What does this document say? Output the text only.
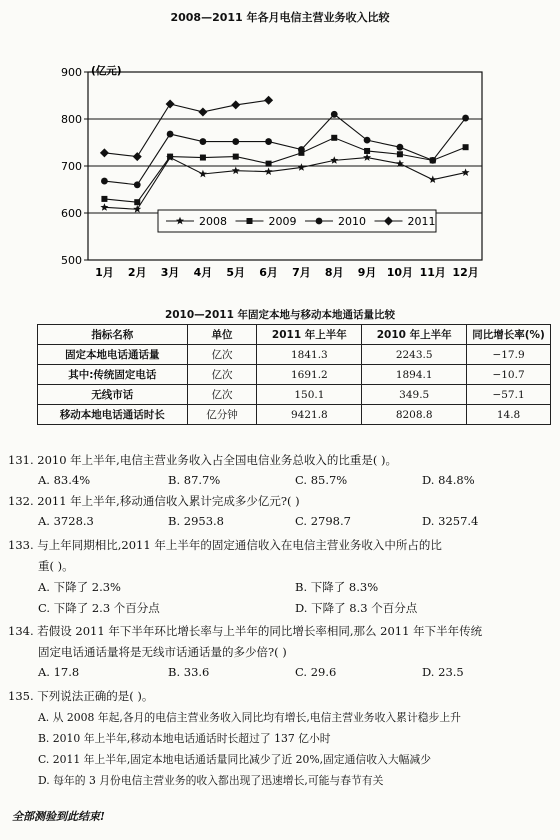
2008—2011 年各月电信主营业务收入比较
500
600
700
800
900 (亿元)
1月 2月 3月 4月 5月 6月 7月 8月 9月 10月 11月 12月
2008	2009	2010	2011
2010—2011 年固定本地与移动本地通话量比较
指标名称	单位	2011 年上半年	2010 年上半年	同比增长率(%)
固定本地电话通话量	亿次	1841.3	2243.5	−17.9
其中:传统固定电话	亿次	1691.2	1894.1	−10.7
无线市话	亿次	150.1	349.5	−57.1
移动本地电话通话时长	亿分钟	9421.8	8208.8	14.8
131. 2010 年上半年,电信主营业务收入占全国电信业务总收入的比重是( )。
A. 83.4%	B. 87.7%	C. 85.7%	D. 84.8%
132. 2011 年上半年,移动通信收入累计完成多少亿元?( )
A. 3728.3	B. 2953.8	C. 2798.7	D. 3257.4
133. 与上年同期相比,2011 年上半年的固定通信收入在电信主营业务收入中所占的比
重( )。
A. 下降了 2.3%	B. 下降了 8.3%
C. 下降了 2.3 个百分点	D. 下降了 8.3 个百分点
134. 若假设 2011 年下半年环比增长率与上半年的同比增长率相同,那么 2011 年下半年传统
固定电话通话量将是无线市话通话量的多少倍?( )
A. 17.8	B. 33.6	C. 29.6	D. 23.5
135. 下列说法正确的是( )。
A. 从 2008 年起,各月的电信主营业务收入同比均有增长,电信主营业务收入累计稳步上升
B. 2010 年上半年,移动本地电话通话时长超过了 137 亿小时
C. 2011 年上半年,固定本地电话通话量同比减少了近 20%,固定通信收入大幅减少
D. 每年的 3 月份电信主营业务的收入都出现了迅速增长,可能与春节有关
全部测验到此结束!
